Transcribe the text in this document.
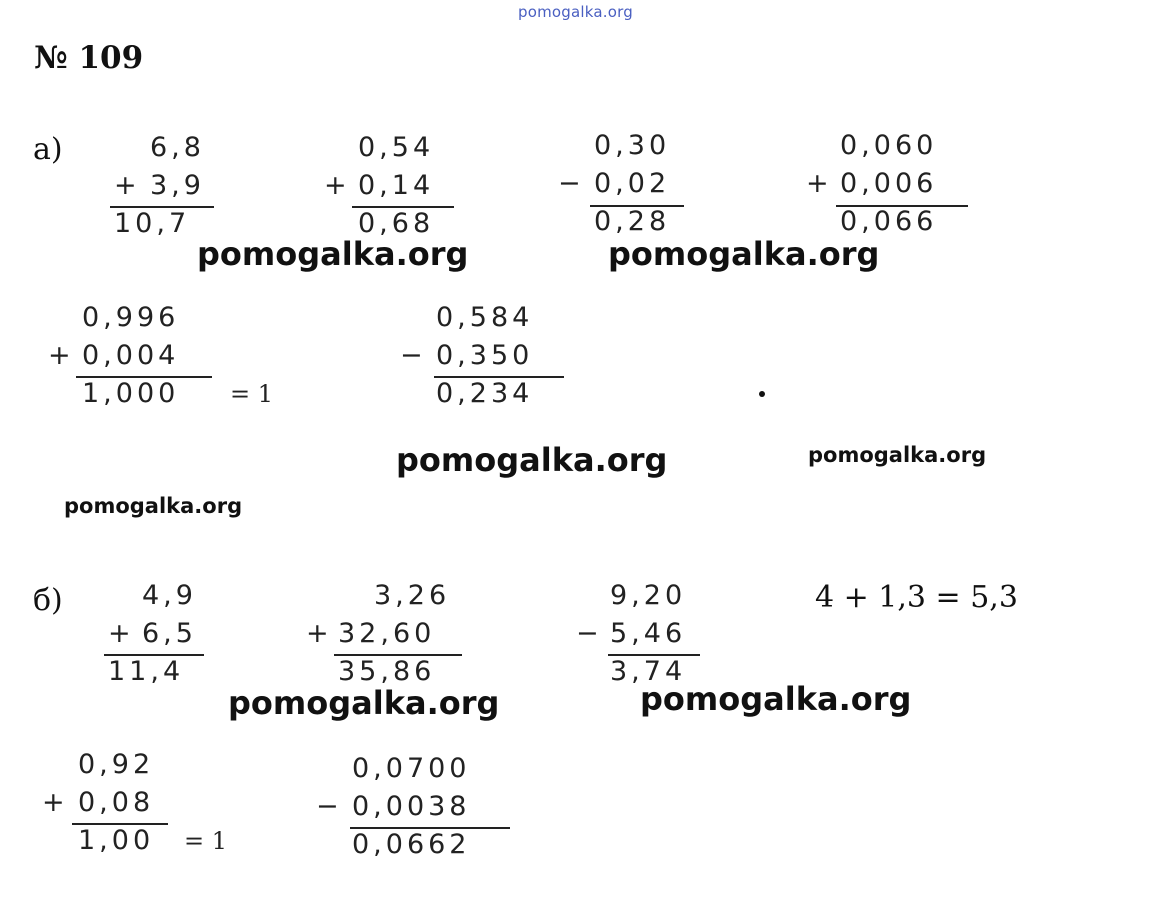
pomogalka.org
№ 109
а)	6,8
+ 3,9
10,7
0,54
+ 0,14
0,68
0,30
− 0,02
0,28
0,060
+ 0,006
0,066
0,996
+ 0,004
1,000 = 1
0,584
− 0,350
0,234
б)	4,9
+ 6,5
11,4
3,26
+ 32,60
35,86
9,20
− 5,46
3,74
4 + 1,3 = 5,3
0,92
+ 0,08
1,00 = 1
0,0700
− 0,0038
0,0662
pomogalka.org	pomogalka.org
pomogalka.org	pomogalka.org
pomogalka.org
pomogalka.org	pomogalka.org
